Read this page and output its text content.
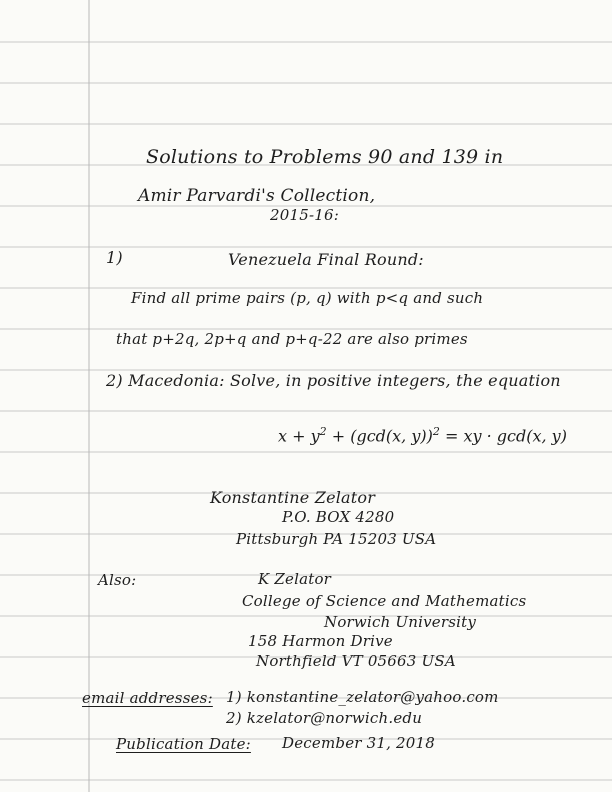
Solutions to Problems 90 and 139 in
Amir Parvardi's Collection,
2015-16:
1)	Venezuela Final Round:
Find all prime pairs (p, q) with p<q and such
that p+2q, 2p+q and p+q-22 are also primes
2) Macedonia: Solve, in positive integers, the equation
$x + y^2 + (\gcd(x$, y))$^2$ = xy · gcd(x, y)
Konstantine Zelator
P.O. BOX 4280
Pittsburgh PA 15203 USA
Also:	K Zelator
College of Science and Mathematics
Norwich University
158 Harmon Drive
Northfield VT 05663 USA
email addresses: 1) konstantine_zelator@yahoo.com
2) kzelator@norwich.edu
Publication Date: December 31, 2018
